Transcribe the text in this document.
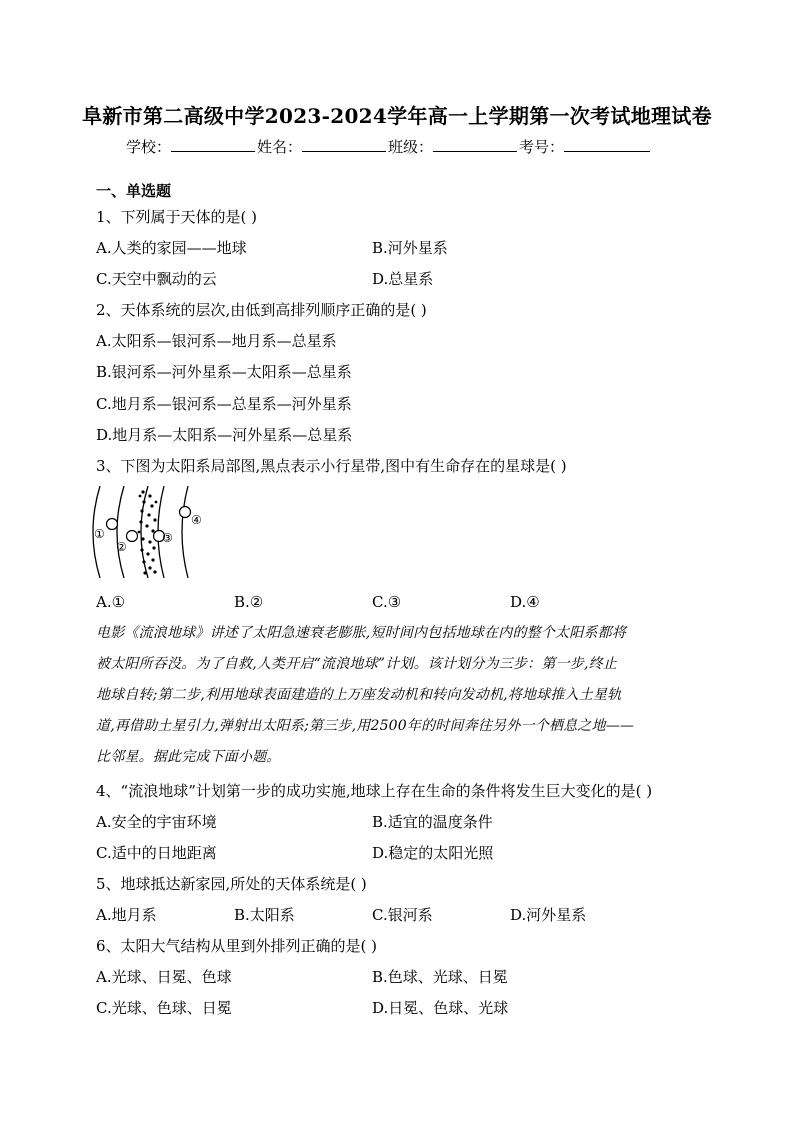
阜新市第二高级中学2023-2024学年高一上学期第一次考试地理试卷
学校：	姓名：	班级：	考号：
一、单选题
1、下列属于天体的是( )
A.人类的家园——地球	B.河外星系
C.天空中飘动的云	D.总星系
2、天体系统的层次,由低到高排列顺序正确的是( )
A.太阳系—银河系—地月系—总星系
B.银河系—河外星系—太阳系—总星系
C.地月系—银河系—总星系—河外星系
D.地月系—太阳系—河外星系—总星系
3、下图为太阳系局部图,黑点表示小行星带,图中有生命存在的星球是( )
①
②
③
④
A.①	B.②	C.③	D.④
电影《流浪地球》讲述了太阳急速衰老膨胀,短时间内包括地球在内的整个太阳系都将
被太阳所吞没。为了自救,人类开启“流浪地球”计划。该计划分为三步：第一步,终止
地球自转;第二步,利用地球表面建造的上万座发动机和转向发动机,将地球推入土星轨
道,再借助土星引力,弹射出太阳系;第三步,用2500年的时间奔往另外一个栖息之地——
比邻星。据此完成下面小题。
4、“流浪地球”计划第一步的成功实施,地球上存在生命的条件将发生巨大变化的是( )
A.安全的宇宙环境	B.适宜的温度条件
C.适中的日地距离	D.稳定的太阳光照
5、地球抵达新家园,所处的天体系统是( )
A.地月系	B.太阳系	C.银河系	D.河外星系
6、太阳大气结构从里到外排列正确的是( )
A.光球、日冕、色球	B.色球、光球、日冕
C.光球、色球、日冕	D.日冕、色球、光球
